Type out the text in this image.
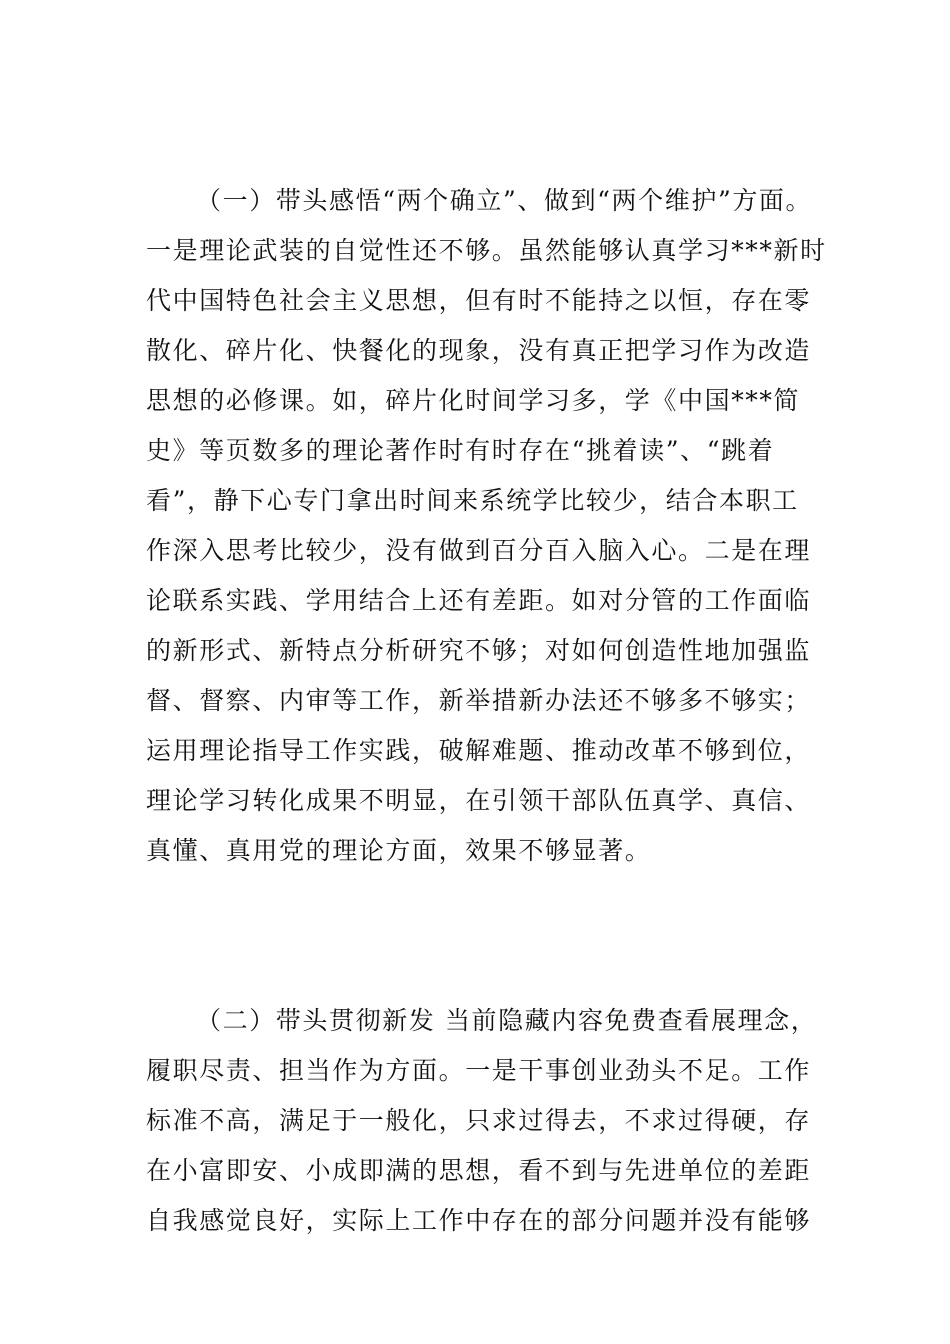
（一）带头感悟“两个确立”、做到“两个维护”方面。
一是理论武装的自觉性还不够。虽然能够认真学习***新时
代中国特色社会主义思想，但有时不能持之以恒，存在零
散化、碎片化、快餐化的现象，没有真正把学习作为改造
思想的必修课。如，碎片化时间学习多，学《中国***简
史》等页数多的理论著作时有时存在“挑着读”、“跳着
看”，静下心专门拿出时间来系统学比较少，结合本职工
作深入思考比较少，没有做到百分百入脑入心。二是在理
论联系实践、学用结合上还有差距。如对分管的工作面临
的新形式、新特点分析研究不够；对如何创造性地加强监
督、督察、内审等工作，新举措新办法还不够多不够实；
运用理论指导工作实践，破解难题、推动改革不够到位，
理论学习转化成果不明显，在引领干部队伍真学、真信、
真懂、真用党的理论方面，效果不够显著。
（二）带头贯彻新发 当前隐藏内容免费查看展理念，
履职尽责、担当作为方面。一是干事创业劲头不足。工作
标准不高，满足于一般化，只求过得去，不求过得硬，存
在小富即安、小成即满的思想，看不到与先进单位的差距
自我感觉良好，实际上工作中存在的部分问题并没有能够
